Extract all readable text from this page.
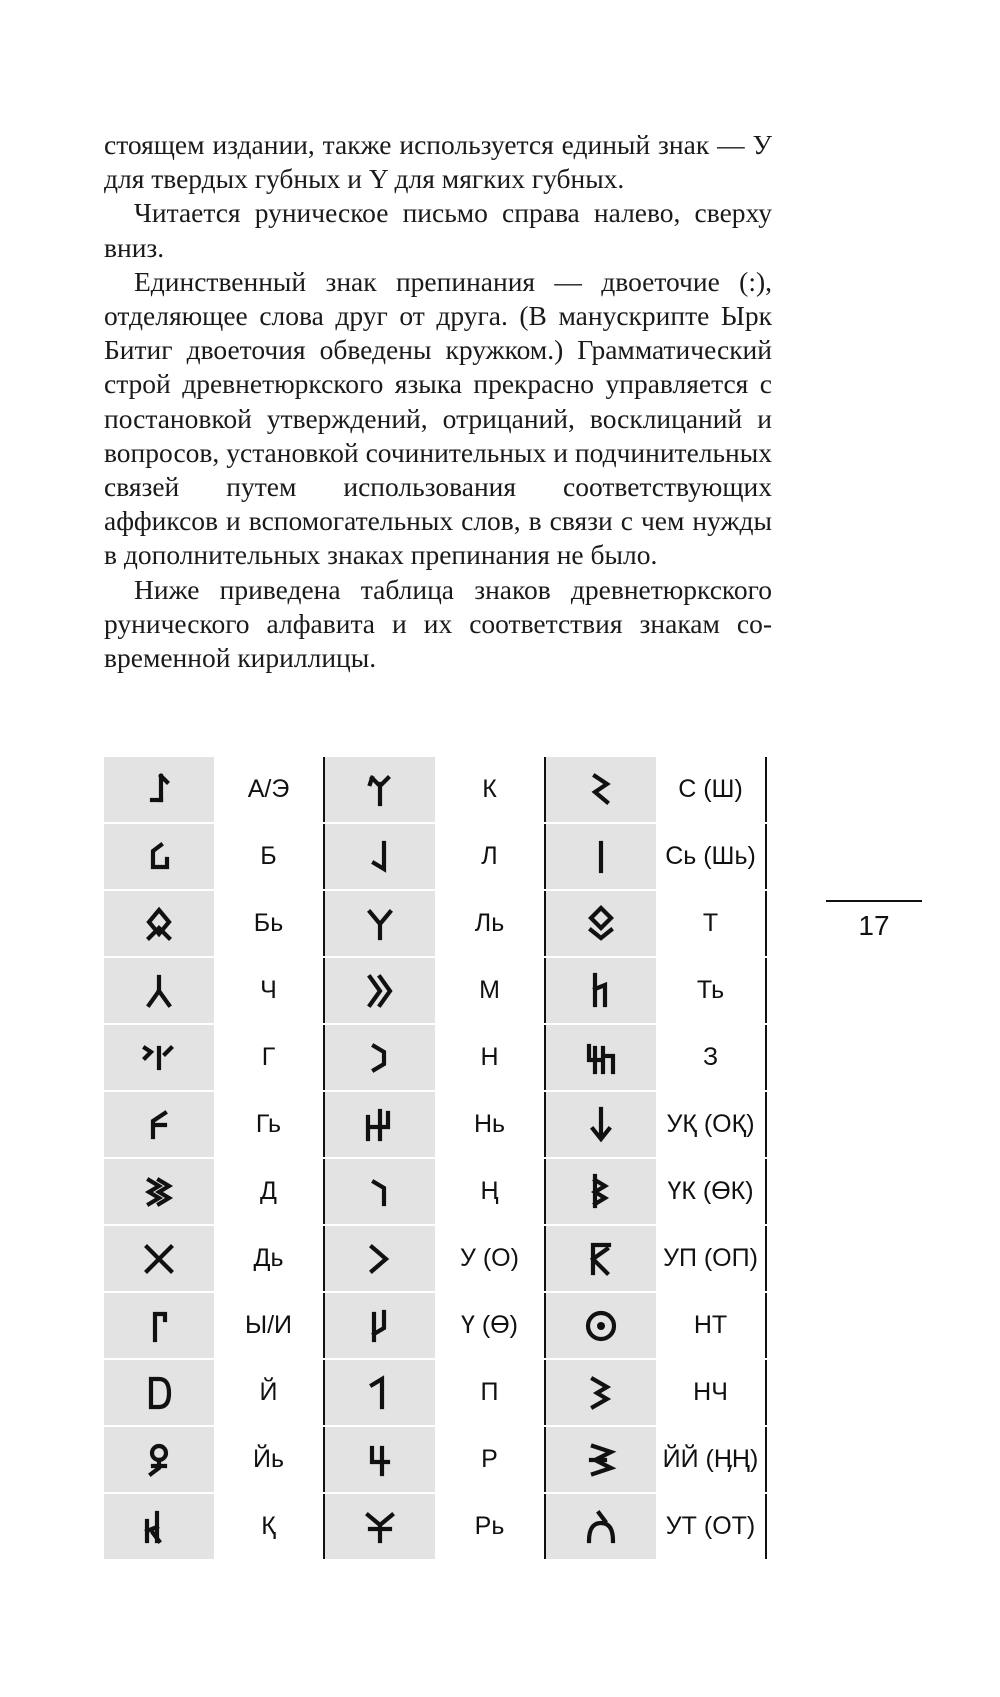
стоящем издании, также используется единый знак — У для твердых губных и Y для мягких губных.

Читается руническое письмо справа налево, сверху вниз.

Единственный знак препинания — двоеточие (:), отделяющее слова друг от друга. (В манускрипте Ырк Битиг двоеточия обведены кружком.) Грамматический строй древнетюркского языка прекрасно управляется с постановкой утверждений, отрицаний, восклицаний и вопросов, установкой сочинительных и подчинительных связей путем использования соответствующих аффиксов и вспомогательных слов, в связи с чем нужды в дополнительных знаках препинания не было.

Ниже приведена таблица знаков древнетюркского рунического алфавита и их соответствия знакам современной кириллицы.

	А/Э		К		С (Ш)

	Б		Л		Сь (Шь)

	Бь		Ль		Т

	Ч		М		Ть

	Г		Н		З

	Гь		Нь		УҚ (ОҚ)

	Д		Ң		ҮК (ӨК)

	Дь		У (О)		УП (ОП)

	Ы/И		Ү (Ө)		НТ

	Й		П		НЧ

	Йь		Р		ЙЙ (ӉҢ)

	Қ		Рь		УТ (ОТ)
17
